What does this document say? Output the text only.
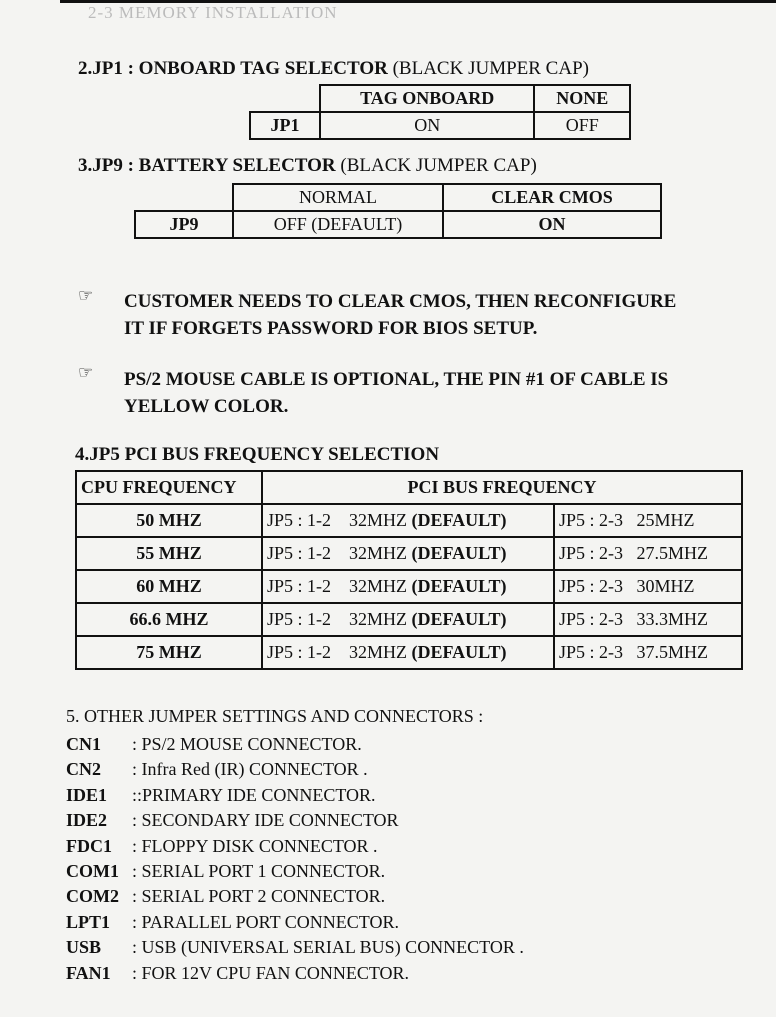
2-3 MEMORY INSTALLATION
2.JP1 : ONBOARD TAG SELECTOR (BLACK JUMPER CAP)
	TAG ONBOARD	NONE
JP1	ON	OFF
3.JP9 : BATTERY SELECTOR (BLACK JUMPER CAP)
	NORMAL	CLEAR CMOS
JP9	OFF (DEFAULT)	ON
☞ CUSTOMER NEEDS TO CLEAR CMOS, THEN RECONFIGURE
IT IF FORGETS PASSWORD FOR BIOS SETUP.
☞ PS/2 MOUSE CABLE IS OPTIONAL, THE PIN #1 OF CABLE IS
YELLOW COLOR.
4.JP5 PCI BUS FREQUENCY SELECTION
CPU FREQUENCY	PCI BUS FREQUENCY	
50 MHZ	JP5 : 1-2 32MHZ (DEFAULT)	JP5 : 2-3 25MHZ
55 MHZ	JP5 : 1-2 32MHZ (DEFAULT)	JP5 : 2-3 27.5MHZ
60 MHZ	JP5 : 1-2 32MHZ (DEFAULT)	JP5 : 2-3 30MHZ
66.6 MHZ	JP5 : 1-2 32MHZ (DEFAULT)	JP5 : 2-3 33.3MHZ
75 MHZ	JP5 : 1-2 32MHZ (DEFAULT)	JP5 : 2-3 37.5MHZ
5. OTHER JUMPER SETTINGS AND CONNECTORS :
CN1 : PS/2 MOUSE CONNECTOR.
CN2 : Infra Red (IR) CONNECTOR .
IDE1 ::PRIMARY IDE CONNECTOR.
IDE2 : SECONDARY IDE CONNECTOR
FDC1 : FLOPPY DISK CONNECTOR .
COM1 : SERIAL PORT 1 CONNECTOR.
COM2 : SERIAL PORT 2 CONNECTOR.
LPT1 : PARALLEL PORT CONNECTOR.
USB : USB (UNIVERSAL SERIAL BUS) CONNECTOR .
FAN1 : FOR 12V CPU FAN CONNECTOR.
